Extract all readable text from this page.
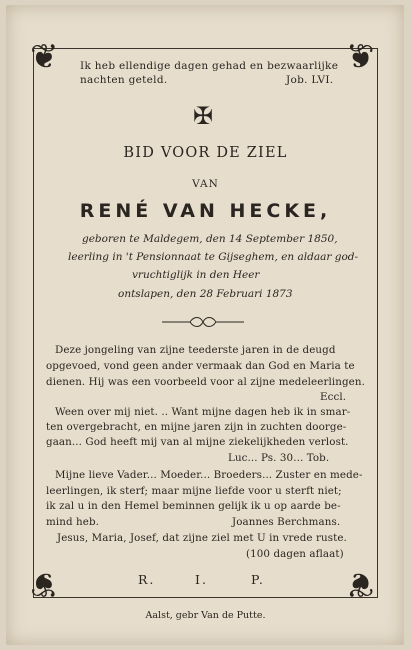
❦	❦
❦	❦
Ik heb ellendige dagen gehad en bezwaarlijke
nachten geteld.	Job. LVI.
✠
BID VOOR DE ZIEL
VAN
RENÉ VAN HECKE,
geboren te Maldegem, den 14 September 1850,
leerling in 't Pensionnaat te Gijseghem, en aldaar god-
vruchtiglijk in den Heer
ontslapen, den 28 Februari 1873
Deze jongeling van zijne teederste jaren in de deugd
opgevoed, vond geen ander vermaak dan God en Maria te
dienen. Hij was een voorbeeld voor al zijne medeleerlingen.
Eccl.
Ween over mij niet. .. Want mijne dagen heb ik in smar-
ten overgebracht, en mijne jaren zijn in zuchten doorge-
gaan... God heeft mij van al mijne ziekelijkheden verlost.
Luc... Ps. 30... Tob.
Mijne lieve Vader... Moeder... Broeders... Zuster en mede-
leerlingen, ik sterf; maar mijne liefde voor u sterft niet;
ik zal u in den Hemel beminnen gelijk ik u op aarde be-
mind heb.	Joannes Berchmans.
Jesus, Maria, Josef, dat zijne ziel met U in vrede ruste.
(100 dagen aflaat)
R.	I.	P.
Aalst, gebr Van de Putte.
